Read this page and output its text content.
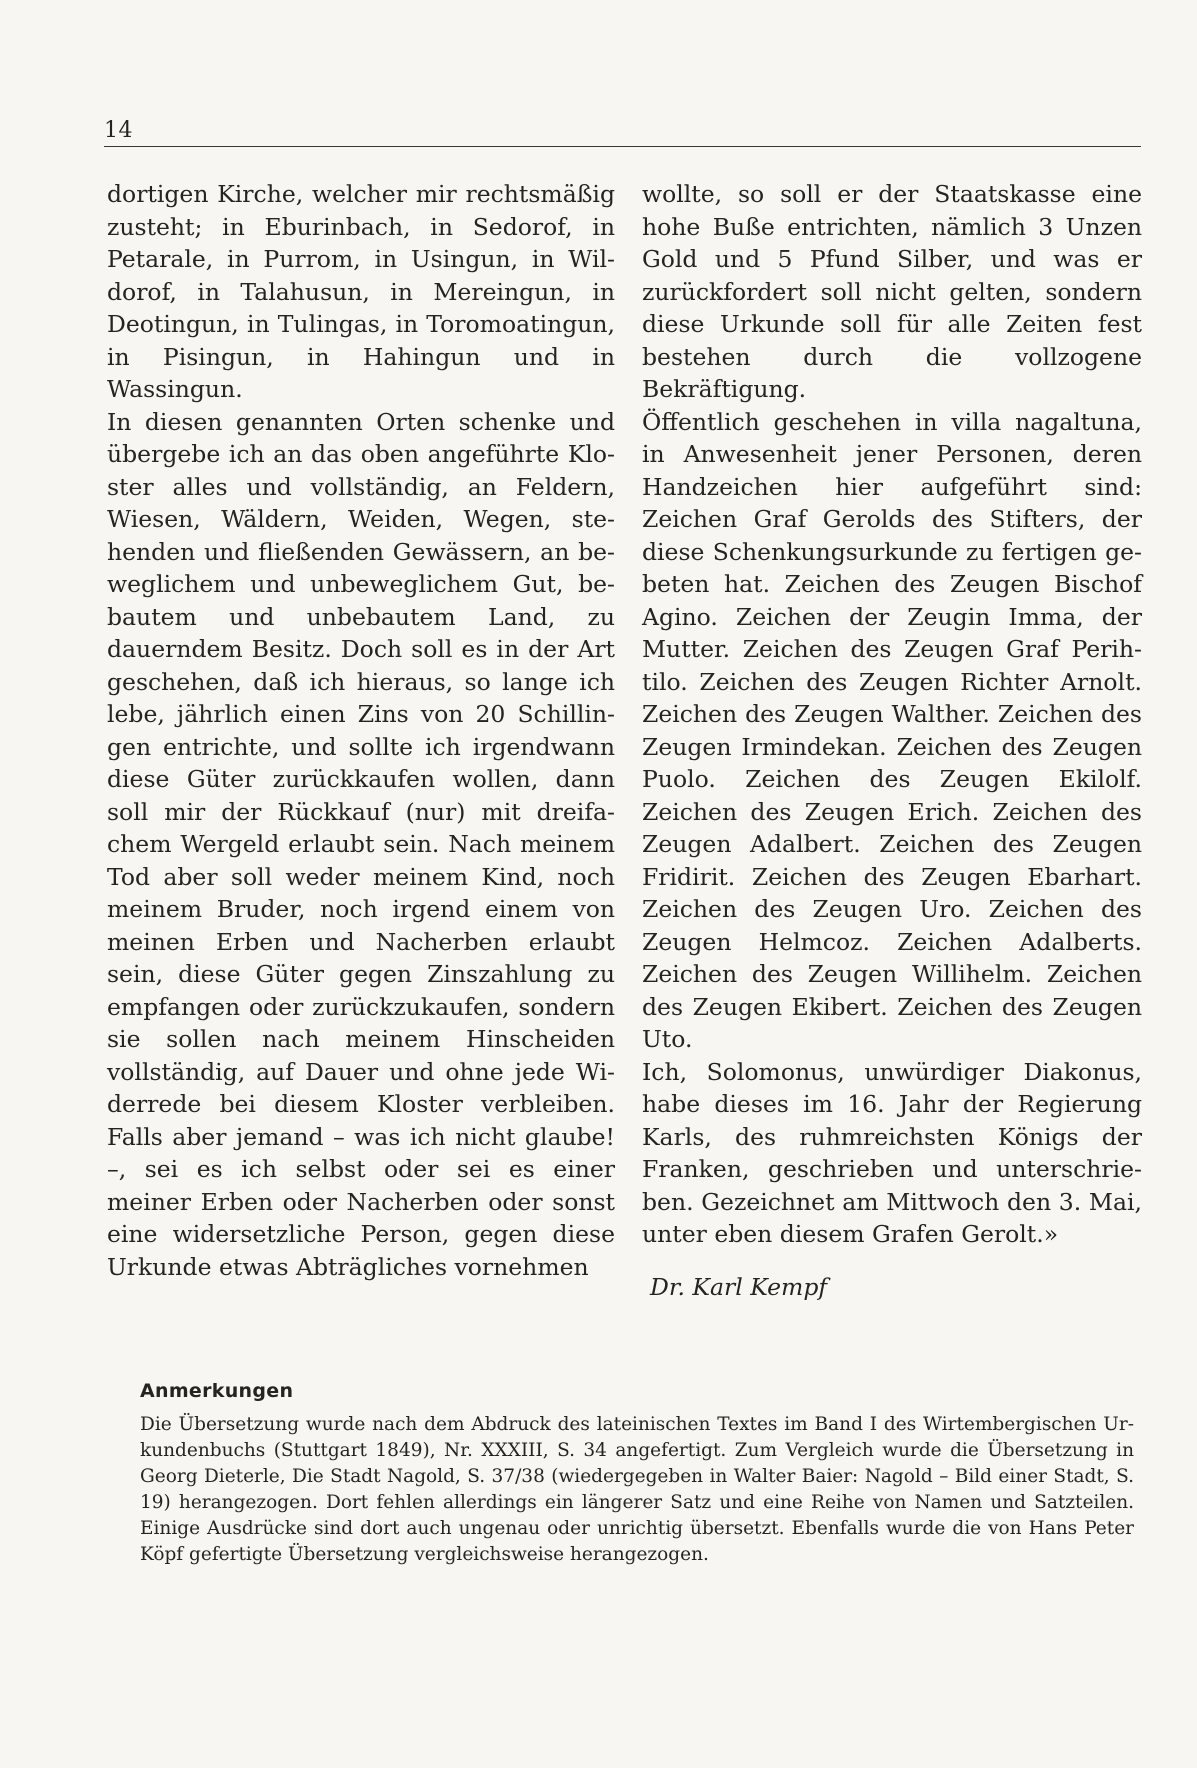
14

dortigen Kirche, welcher mir rechtsmäßig zusteht; in Eburinbach, in Sedorof, in Petarale, in Purrom, in Usingun, in Wildorof, in Talahusun, in Mereingun, in Deotingun, in Tulingas, in Toromoatingun, in Pisingun, in Hahingun und in Wassingun.

In diesen genannten Orten schenke und übergebe ich an das oben angeführte Kloster alles und vollständig, an Feldern, Wiesen, Wäldern, Weiden, Wegen, stehenden und fließenden Gewässern, an beweglichem und unbeweglichem Gut, bebautem und unbebautem Land, zu dauerndem Besitz. Doch soll es in der Art geschehen, daß ich hieraus, so lange ich lebe, jährlich einen Zins von 20 Schillingen entrichte, und sollte ich irgendwann diese Güter zurückkaufen wollen, dann soll mir der Rückkauf (nur) mit dreifachem Wergeld erlaubt sein. Nach meinem Tod aber soll weder meinem Kind, noch meinem Bruder, noch irgend einem von meinen Erben und Nacherben erlaubt sein, diese Güter gegen Zinszahlung zu empfangen oder zurückzukaufen, sondern sie sollen nach meinem Hinscheiden vollständig, auf Dauer und ohne jede Widerrede bei diesem Kloster verbleiben. Falls aber jemand – was ich nicht glaube! –, sei es ich selbst oder sei es einer meiner Erben oder Nacherben oder sonst eine widersetzliche Person, gegen diese Urkunde etwas Abträgliches vornehmen

wollte, so soll er der Staatskasse eine hohe Buße entrichten, nämlich 3 Unzen Gold und 5 Pfund Silber, und was er zurückfordert soll nicht gelten, sondern diese Urkunde soll für alle Zeiten fest bestehen durch die vollzogene Bekräftigung.

Öffentlich geschehen in villa nagaltuna, in Anwesenheit jener Personen, deren Handzeichen hier aufgeführt sind: Zeichen Graf Gerolds des Stifters, der diese Schenkungsurkunde zu fertigen gebeten hat. Zeichen des Zeugen Bischof Agino. Zeichen der Zeugin Imma, der Mutter. Zeichen des Zeugen Graf Perihtilo. Zeichen des Zeugen Richter Arnolt. Zeichen des Zeugen Walther. Zeichen des Zeugen Irmindekan. Zeichen des Zeugen Puolo. Zeichen des Zeugen Ekilolf. Zeichen des Zeugen Erich. Zeichen des Zeugen Adalbert. Zeichen des Zeugen Fridirit. Zeichen des Zeugen Ebarhart. Zeichen des Zeugen Uro. Zeichen des Zeugen Helmcoz. Zeichen Adalberts. Zeichen des Zeugen Willihelm. Zeichen des Zeugen Ekibert. Zeichen des Zeugen Uto.

Ich, Solomonus, unwürdiger Diakonus, habe dieses im 16. Jahr der Regierung Karls, des ruhmreichsten Königs der Franken, geschrieben und unterschrieben. Gezeichnet am Mittwoch den 3. Mai, unter eben diesem Grafen Gerolt.»

Dr. Karl Kempf

Anmerkungen
Die Übersetzung wurde nach dem Abdruck des lateinischen Textes im Band I des Wirtembergischen Urkundenbuchs (Stuttgart 1849), Nr. XXXIII, S. 34 angefertigt. Zum Vergleich wurde die Übersetzung in Georg Dieterle, Die Stadt Nagold, S. 37/38 (wiedergegeben in Walter Baier: Nagold – Bild einer Stadt, S. 19) herangezogen. Dort fehlen allerdings ein längerer Satz und eine Reihe von Namen und Satzteilen. Einige Ausdrücke sind dort auch ungenau oder unrichtig übersetzt. Ebenfalls wurde die von Hans Peter Köpf gefertigte Übersetzung vergleichsweise herangezogen.
